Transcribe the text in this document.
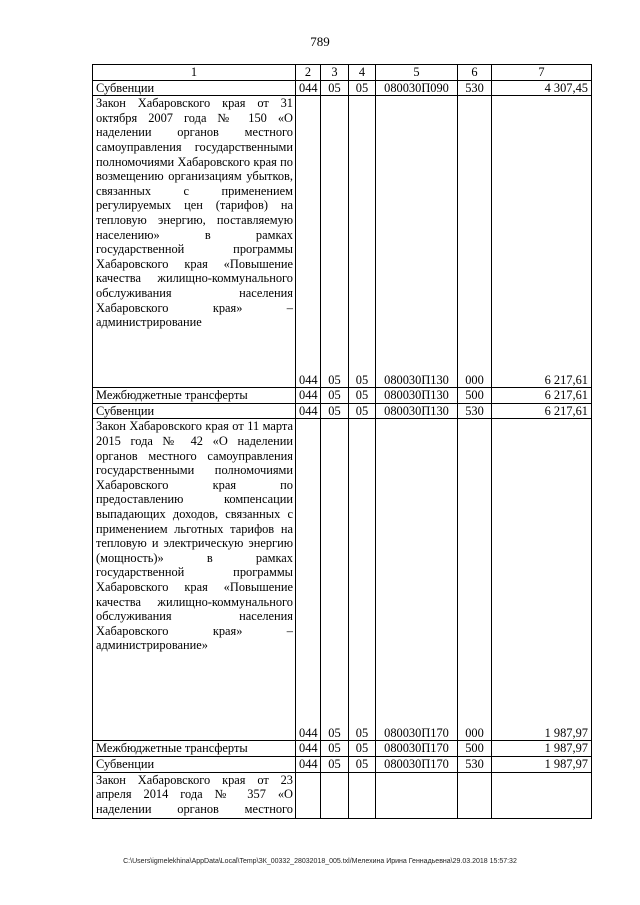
789
1	2	3	4	5	6	7
Субвенции	044	05	05	080030П090	530	4 307,45
Закон Хабаровского края от 31 октября 2007 года № 150 «О наделении органов местного самоуправления государственными полномочиями Хабаровского края по возмещению организациям убытков, связанных с применением регулируемых цен (тарифов) на тепловую энергию, поставляемую населению» в рамках государственной программы Хабаровского края «Повышение качества жилищно-коммунального обслуживания населения Хабаровского края» – администрирование	044	05	05	080030П130	000	6 217,61
Межбюджетные трансферты	044	05	05	080030П130	500	6 217,61
Субвенции	044	05	05	080030П130	530	6 217,61
Закон Хабаровского края от 11 марта 2015 года № 42 «О наделении органов местного самоуправления государственными полномочиями Хабаровского края по предоставлению компенсации выпадающих доходов, связанных с применением льготных тарифов на тепловую и электрическую энергию (мощность)» в рамках государственной программы Хабаровского края «Повышение качества жилищно-коммунального обслуживания населения Хабаровского края» – администрирование»	044	05	05	080030П170	000	1 987,97
Межбюджетные трансферты	044	05	05	080030П170	500	1 987,97
Субвенции	044	05	05	080030П170	530	1 987,97
Закон Хабаровского края от 23 апреля 2014 года № 357 «О наделении органов местного						
C:\Users\igmelekhina\AppData\Local\Temp\ЗК_00332_28032018_005.txl/Мелехина Ирина Геннадьевна\29.03.2018 15:57:32
